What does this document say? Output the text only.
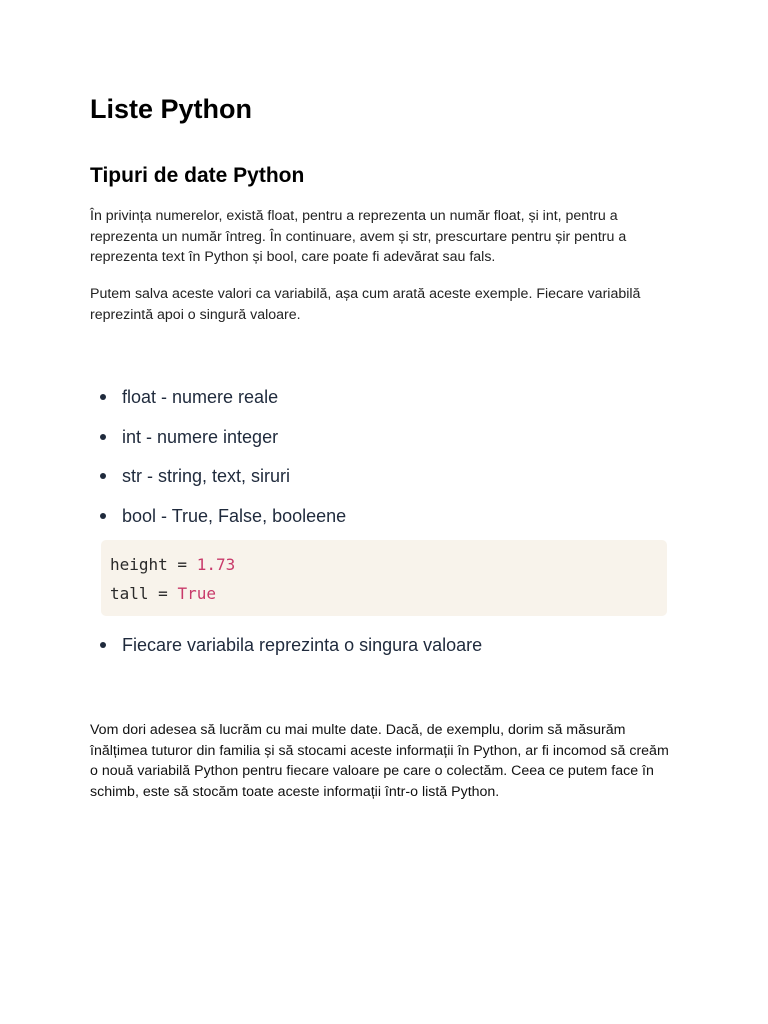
Liste Python
Tipuri de date Python

În privința numerelor, există float, pentru a reprezenta un număr float, și int, pentru a reprezenta un număr întreg. În continuare, avem și str, prescurtare pentru șir pentru a reprezenta text în Python și bool, care poate fi adevărat sau fals.

Putem salva aceste valori ca variabilă, așa cum arată aceste exemple. Fiecare variabilă reprezintă apoi o singură valoare.

float - numere reale
int - numere integer
str - string, text, siruri
bool - True, False, booleene
height = 1.73
tall = True
Fiecare variabila reprezinta o singura valoare

Vom dori adesea să lucrăm cu mai multe date. Dacă, de exemplu, dorim să măsurăm înălțimea tuturor din familia și să stocami aceste informații în Python, ar fi incomod să creăm o nouă variabilă Python pentru fiecare valoare pe care o colectăm. Ceea ce putem face în schimb, este să stocăm toate aceste informații într-o listă Python.
